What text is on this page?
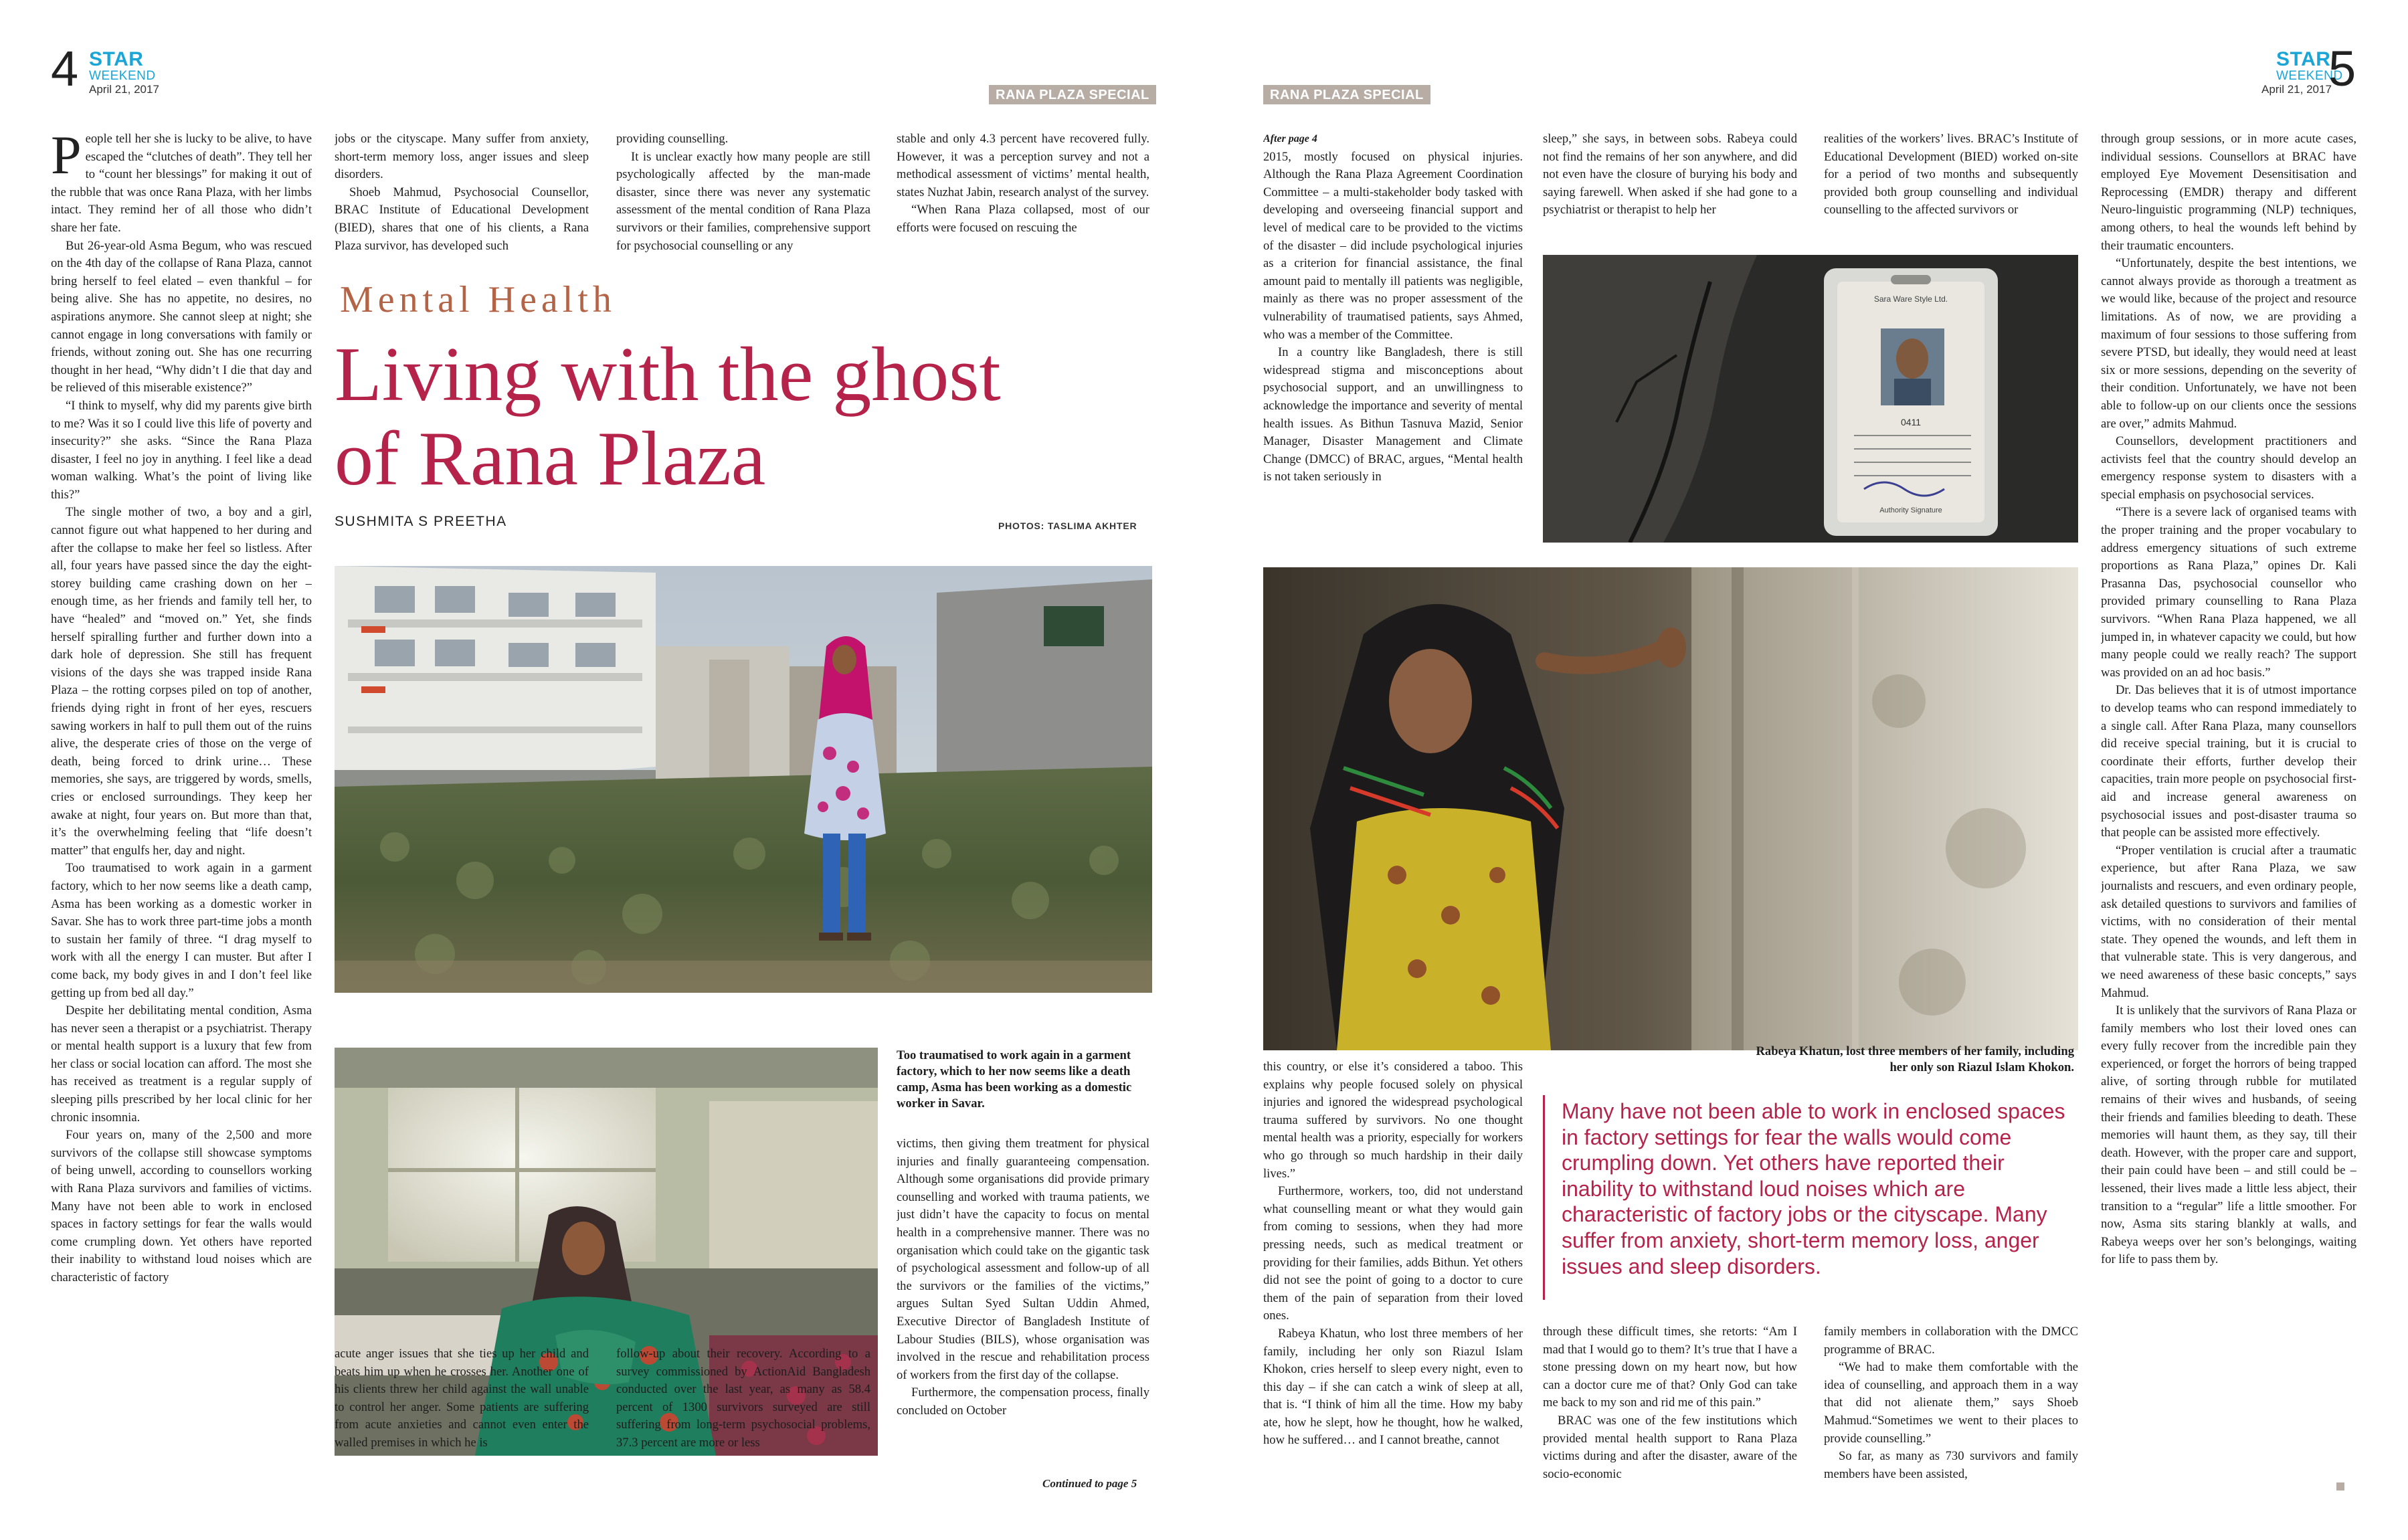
4 STAR
WEEKEND
April 21, 2017	RANA PLAZA SPECIAL
P eople tell her she is lucky to be alive, to have escaped the “clutches of death”. They tell her to “count her blessings” for making it out of the rubble that was once Rana Plaza, with her limbs intact. They remind her of all those who didn’t share her fate.

But 26-year-old Asma Begum, who was rescued on the 4th day of the collapse of Rana Plaza, cannot bring herself to feel elated – even thankful – for being alive. She has no appetite, no desires, no aspirations anymore. She cannot sleep at night; she cannot engage in long conversations with family or friends, without zoning out. She has one recurring thought in her head, “Why didn’t I die that day and be relieved of this miserable existence?”

“I think to myself, why did my parents give birth to me? Was it so I could live this life of poverty and insecurity?” she asks. “Since the Rana Plaza disaster, I feel no joy in anything. I feel like a dead woman walking. What’s the point of living like this?”

The single mother of two, a boy and a girl, cannot figure out what happened to her during and after the collapse to make her feel so listless. After all, four years have passed since the day the eight-storey building came crashing down on her – enough time, as her friends and family tell her, to have “healed” and “moved on.” Yet, she finds herself spiralling further and further down into a dark hole of depression. She still has frequent visions of the days she was trapped inside Rana Plaza – the rotting corpses piled on top of another, friends dying right in front of her eyes, rescuers sawing workers in half to pull them out of the ruins alive, the desperate cries of those on the verge of death, being forced to drink urine… These memories, she says, are triggered by words, smells, cries or enclosed surroundings. They keep her awake at night, four years on. But more than that, it’s the overwhelming feeling that “life doesn’t matter” that engulfs her, day and night.

Too traumatised to work again in a garment factory, which to her now seems like a death camp, Asma has been working as a domestic worker in Savar. She has to work three part-time jobs a month to sustain her family of three. “I drag myself to work with all the energy I can muster. But after I come back, my body gives in and I don’t feel like getting up from bed all day.”

Despite her debilitating mental condition, Asma has never seen a therapist or a psychiatrist. Therapy or mental health support is a luxury that few from her class or social location can afford. The most she has received as treatment is a regular supply of sleeping pills prescribed by her local clinic for her chronic insomnia.

Four years on, many of the 2,500 and more survivors of the collapse still showcase symptoms of being unwell, according to counsellors working with Rana Plaza survivors and families of victims. Many have not been able to work in enclosed spaces in factory settings for fear the walls would come crumpling down. Yet others have reported their inability to withstand loud noises which are characteristic of factory

jobs or the cityscape. Many suffer from anxiety, short-term memory loss, anger issues and sleep disorders.

Shoeb Mahmud, Psychosocial Counsellor, BRAC Institute of Educational Development (BIED), shares that one of his clients, a Rana Plaza survivor, has developed such

providing counselling.

It is unclear exactly how many people are still psychologically affected by the man-made disaster, since there was never any systematic assessment of the mental condition of Rana Plaza survivors or their families, comprehensive support for psychosocial counselling or any

stable and only 4.3 percent have recovered fully. However, it was a perception survey and not a methodical assessment of victims’ mental health, states Nuzhat Jabin, research analyst of the survey.

“When Rana Plaza collapsed, most of our efforts were focused on rescuing the

Mental Health
Living with the ghost
of Rana Plaza
SUSHMITA S PREETHA	PHOTOS: TASLIMA AKHTER
Too traumatised to work again in a garment factory, which to her now seems like a death camp, Asma has been working as a domestic worker in Savar.

acute anger issues that she ties up her child and beats him up when he crosses her. Another one of his clients threw her child against the wall unable to control her anger. Some patients are suffering from acute anxieties and cannot even enter the walled premises in which he is

follow-up about their recovery. According to a survey commissioned by ActionAid Bangladesh conducted over the last year, as many as 58.4 percent of 1300 survivors surveyed are still suffering from long-term psychosocial problems, 37.3 percent are more or less

victims, then giving them treatment for physical injuries and finally guaranteeing compensation. Although some organisations did provide primary counselling and worked with trauma patients, we just didn’t have the capacity to focus on mental health in a comprehensive manner. There was no organisation which could take on the gigantic task of psychological assessment and follow-up of all the survivors or the families of the victims,” argues Sultan Syed Sultan Uddin Ahmed, Executive Director of Bangladesh Institute of Labour Studies (BILS), whose organisation was involved in the rescue and rehabilitation process of workers from the first day of the collapse.

Furthermore, the compensation process, finally concluded on October

Continued to page 5
RANA PLAZA SPECIAL
STAR
WEEKEND
April 21, 2017
5

After page 4

2015, mostly focused on physical injuries. Although the Rana Plaza Agreement Coordination Committee – a multi-stakeholder body tasked with developing and overseeing financial support and level of medical care to be provided to the victims of the disaster – did include psychological injuries as a criterion for financial assistance, the final amount paid to mentally ill patients was negligible, mainly as there was no proper assessment of the vulnerability of traumatised patients, says Ahmed, who was a member of the Committee.

In a country like Bangladesh, there is still widespread stigma and misconceptions about psychosocial support, and an unwillingness to acknowledge the importance and severity of mental health issues. As Bithun Tasnuva Mazid, Senior Manager, Disaster Management and Climate Change (DMCC) of BRAC, argues, “Mental health is not taken seriously in

sleep,” she says, in between sobs. Rabeya could not find the remains of her son anywhere, and did not even have the closure of burying his body and saying farewell. When asked if she had gone to a psychiatrist or therapist to help her

realities of the workers’ lives. BRAC’s Institute of Educational Development (BIED) worked on-site for a period of two months and subsequently provided both group counselling and individual counselling to the affected survivors or

Sara Ware Style Ltd.
0411
Authority Signature
Rabeya Khatun, lost three members of her family, including her only son Riazul Islam Khokon.

this country, or else it’s considered a taboo. This explains why people focused solely on physical injuries and ignored the widespread psychological trauma suffered by survivors. No one thought mental health was a priority, especially for workers who go through so much hardship in their daily lives.”

Furthermore, workers, too, did not understand what counselling meant or what they would gain from coming to sessions, when they had more pressing needs, such as medical treatment or providing for their families, adds Bithun. Yet others did not see the point of going to a doctor to cure them of the pain of separation from their loved ones.

Rabeya Khatun, who lost three members of her family, including her only son Riazul Islam Khokon, cries herself to sleep every night, even to this day – if she can catch a wink of sleep at all, that is. “I think of him all the time. How my baby ate, how he slept, how he thought, how he walked, how he suffered… and I cannot breathe, cannot

Many have not been able to work in enclosed spaces in factory settings for fear the walls would come crumpling down. Yet others have reported their inability to withstand loud noises which are characteristic of factory jobs or the cityscape. Many suffer from anxiety, short-term memory loss, anger issues and sleep disorders.

through these difficult times, she retorts: “Am I mad that I would go to them? It’s true that I have a stone pressing down on my heart now, but how can a doctor cure me of that? Only God can take me back to my son and rid me of this pain.”

BRAC was one of the few institutions which provided mental health support to Rana Plaza victims during and after the disaster, aware of the socio-economic

family members in collaboration with the DMCC programme of BRAC.

“We had to make them comfortable with the idea of counselling, and approach them in a way that did not alienate them,” says Shoeb Mahmud.“Sometimes we went to their places to provide counselling.”

So far, as many as 730 survivors and family members have been assisted,

through group sessions, or in more acute cases, individual sessions. Counsellors at BRAC have employed Eye Movement Desensitisation and Reprocessing (EMDR) therapy and different Neuro-linguistic programming (NLP) techniques, among others, to heal the wounds left behind by their traumatic encounters.

“Unfortunately, despite the best intentions, we cannot always provide as thorough a treatment as we would like, because of the project and resource limitations. As of now, we are providing a maximum of four sessions to those suffering from severe PTSD, but ideally, they would need at least six or more sessions, depending on the severity of their condition. Unfortunately, we have not been able to follow-up on our clients once the sessions are over,” admits Mahmud.

Counsellors, development practitioners and activists feel that the country should develop an emergency response system to disasters with a special emphasis on psychosocial services.

“There is a severe lack of organised teams with the proper training and the proper vocabulary to address emergency situations of such extreme proportions as Rana Plaza,” opines Dr. Kali Prasanna Das, psychosocial counsellor who provided primary counselling to Rana Plaza survivors. “When Rana Plaza happened, we all jumped in, in whatever capacity we could, but how many people could we really reach? The support was provided on an ad hoc basis.”

Dr. Das believes that it is of utmost importance to develop teams who can respond immediately to a single call. After Rana Plaza, many counsellors did receive special training, but it is crucial to coordinate their efforts, further develop their capacities, train more people on psychosocial first-aid and increase general awareness on psychosocial issues and post-disaster trauma so that people can be assisted more effectively.

“Proper ventilation is crucial after a traumatic experience, but after Rana Plaza, we saw journalists and rescuers, and even ordinary people, ask detailed questions to survivors and families of victims, with no consideration of their mental state. They opened the wounds, and left them in that vulnerable state. This is very dangerous, and we need awareness of these basic concepts,” says Mahmud.

It is unlikely that the survivors of Rana Plaza or family members who lost their loved ones can every fully recover from the incredible pain they experienced, or forget the horrors of being trapped alive, of sorting through rubble for mutilated remains of their wives and husbands, of seeing their friends and families bleeding to death. These memories will haunt them, as they say, till their death. However, with the proper care and support, their pain could have been – and still could be – lessened, their lives made a little less abject, their transition to a “regular” life a little smoother. For now, Asma sits staring blankly at walls, and Rabeya weeps over her son’s belongings, waiting for life to pass them by.
